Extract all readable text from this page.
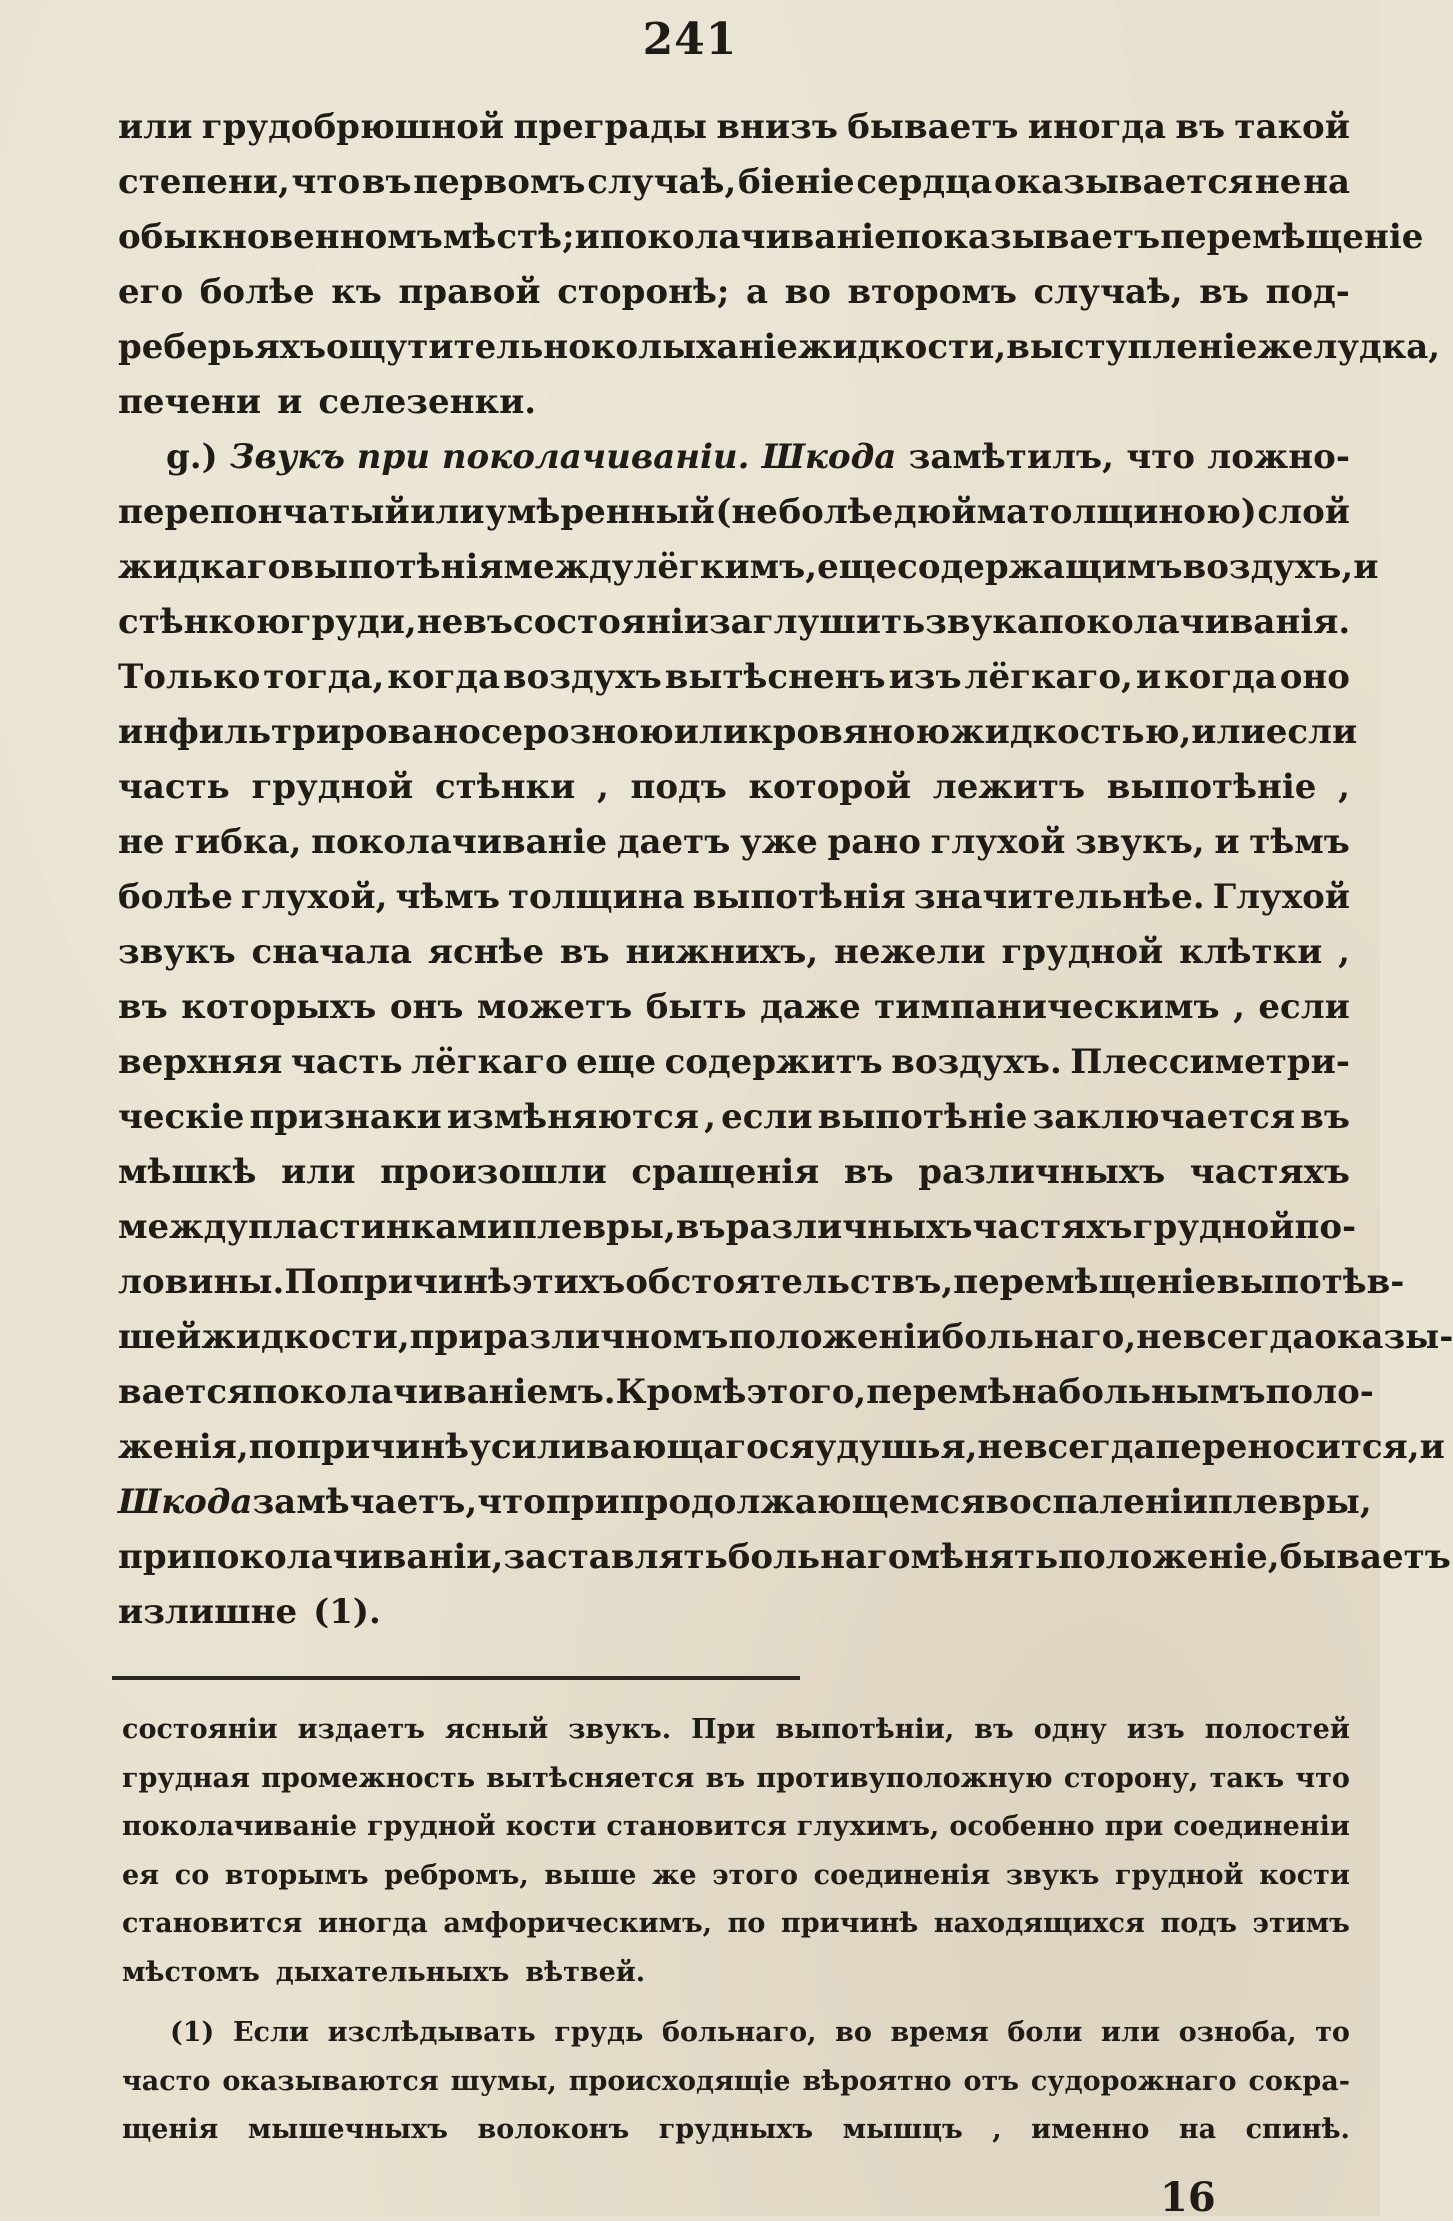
241
или грудобрюшной преграды внизъ бываетъ иногда въ такой
степени, что въ первомъ случаѣ, біеніе сердца оказывается не на
обыкновенномъ мѣстѣ; и поколачиваніе показываетъ перемѣщеніе
его болѣе къ правой сторонѣ; а во второмъ случаѣ, въ под-
реберьяхъ ощутительно колыханіе жидкости, выступленіе желудка,
печени и селезенки.
g.) Звукъ при поколачиваніи. Шкода замѣтилъ, что ложно-
перепончатый или умѣренный (не болѣе дюйма толщиною) слой
жидкаго выпотѣнія между лёгкимъ, еще содержащимъ воздухъ, и
стѣнкою груди, не въ состояніи заглушить звука поколачиванія.
Только тогда, когда воздухъ вытѣсненъ изъ лёгкаго, и когда оно
инфильтрировано серозною или кровяною жидкостью, или если
часть грудной стѣнки , подъ которой лежитъ выпотѣніе ,
не гибка, поколачиваніе даетъ уже рано глухой звукъ, и тѣмъ
болѣе глухой, чѣмъ толщина выпотѣнія значительнѣе. Глухой
звукъ сначала яснѣе въ нижнихъ, нежели грудной клѣтки ,
въ которыхъ онъ можетъ быть даже тимпаническимъ , если
верхняя часть лёгкаго еще содержитъ воздухъ. Плессиметри-
ческіе признаки измѣняются , если выпотѣніе заключается въ
мѣшкѣ или произошли сращенія въ различныхъ частяхъ
между пластинками плевры, въ различныхъ частяхъ грудной по-
ловины. По причинѣ этихъ обстоятельствъ, перемѣщеніе выпотѣв-
шей жидкости, при различномъ положеніи больнаго, не всегда оказы-
вается поколачиваніемъ. Кромѣ этого, перемѣна больнымъ поло-
женія, по причинѣ усиливающагося удушья, не всегда переносится, и
Шкода замѣчаетъ, что при продолжающемся воспаленіи плевры,
при поколачиваніи, заставлять больнаго мѣнять положеніе, бываетъ
излишне (1).
состояніи издаетъ ясный звукъ. При выпотѣніи, въ одну изъ полостей
грудная промежность вытѣсняется въ противуположную сторону, такъ что
поколачиваніе грудной кости становится глухимъ, особенно при соединеніи
ея со вторымъ ребромъ, выше же этого соединенія звукъ грудной кости
становится иногда амфорическимъ, по причинѣ находящихся подъ этимъ
мѣстомъ дыхательныхъ вѣтвей.
(1) Если изслѣдывать грудь больнаго, во время боли или озноба, то
часто оказываются шумы, происходящіе вѣроятно отъ судорожнаго сокра-
щенія мышечныхъ волоконъ грудныхъ мышцъ , именно на спинѣ.
16
